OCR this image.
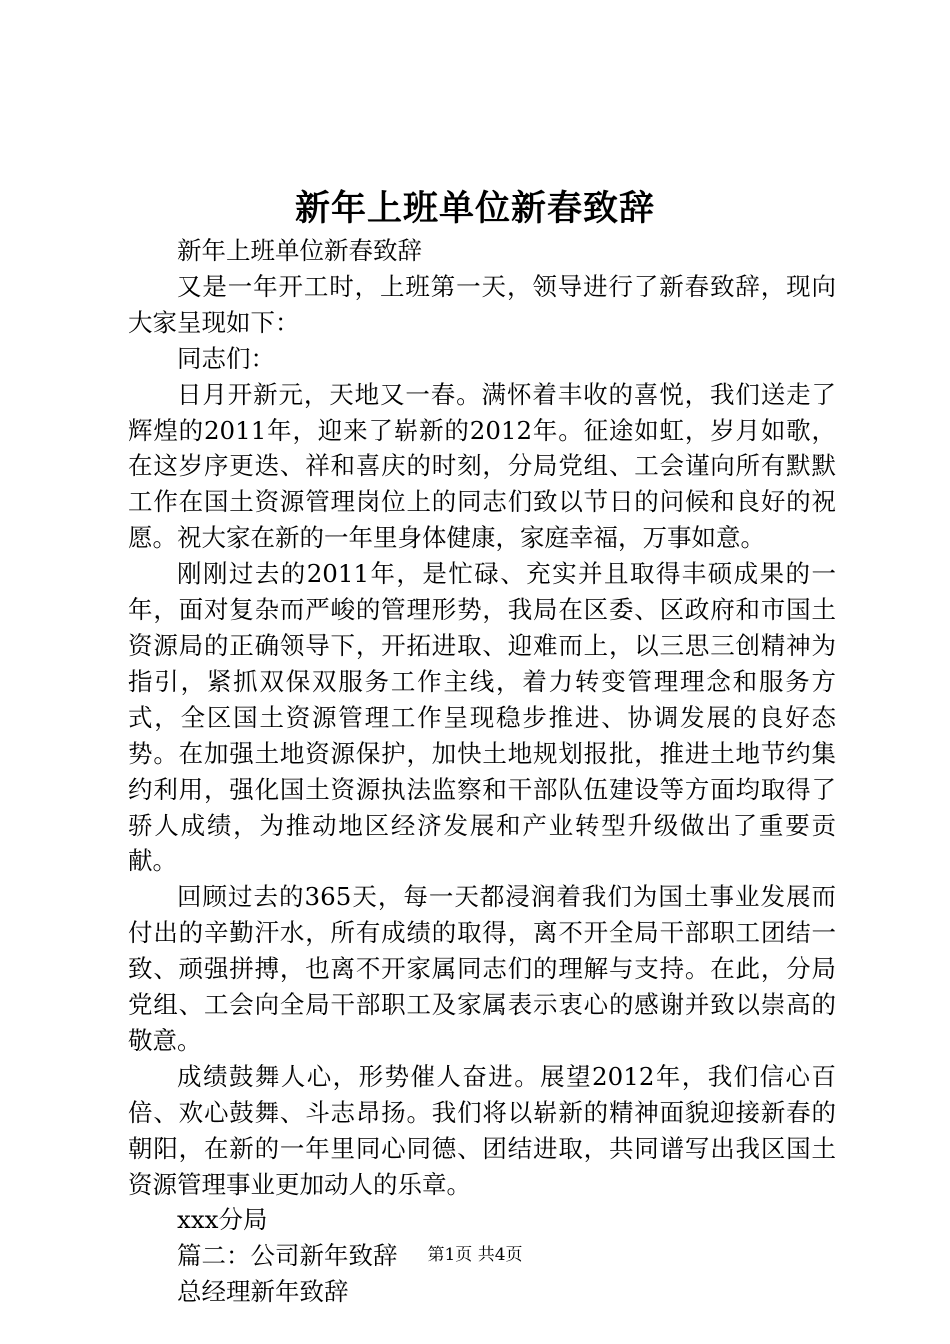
新年上班单位新春致辞

新年上班单位新春致辞

又是一年开工时，上班第一天，领导进行了新春致辞，现向大家呈现如下：

同志们：

日月开新元，天地又一春。满怀着丰收的喜悦，我们送走了辉煌的2011年，迎来了崭新的2012年。征途如虹，岁月如歌，在这岁序更迭、祥和喜庆的时刻，分局党组、工会谨向所有默默工作在国土资源管理岗位上的同志们致以节日的问候和良好的祝愿。祝大家在新的一年里身体健康，家庭幸福，万事如意。

刚刚过去的2011年，是忙碌、充实并且取得丰硕成果的一年，面对复杂而严峻的管理形势，我局在区委、区政府和市国土资源局的正确领导下，开拓进取、迎难而上，以三思三创精神为指引，紧抓双保双服务工作主线，着力转变管理理念和服务方式，全区国土资源管理工作呈现稳步推进、协调发展的良好态势。在加强土地资源保护，加快土地规划报批，推进土地节约集约利用，强化国土资源执法监察和干部队伍建设等方面均取得了骄人成绩，为推动地区经济发展和产业转型升级做出了重要贡献。

回顾过去的365天，每一天都浸润着我们为国土事业发展而付出的辛勤汗水，所有成绩的取得，离不开全局干部职工团结一致、顽强拼搏，也离不开家属同志们的理解与支持。在此，分局党组、工会向全局干部职工及家属表示衷心的感谢并致以崇高的敬意。

成绩鼓舞人心，形势催人奋进。展望2012年，我们信心百倍、欢心鼓舞、斗志昂扬。我们将以崭新的精神面貌迎接新春的朝阳，在新的一年里同心同德、团结进取，共同谱写出我区国土资源管理事业更加动人的乐章。

xxx分局

篇二：公司新年致辞

总经理新年致辞

第1页 共4页
